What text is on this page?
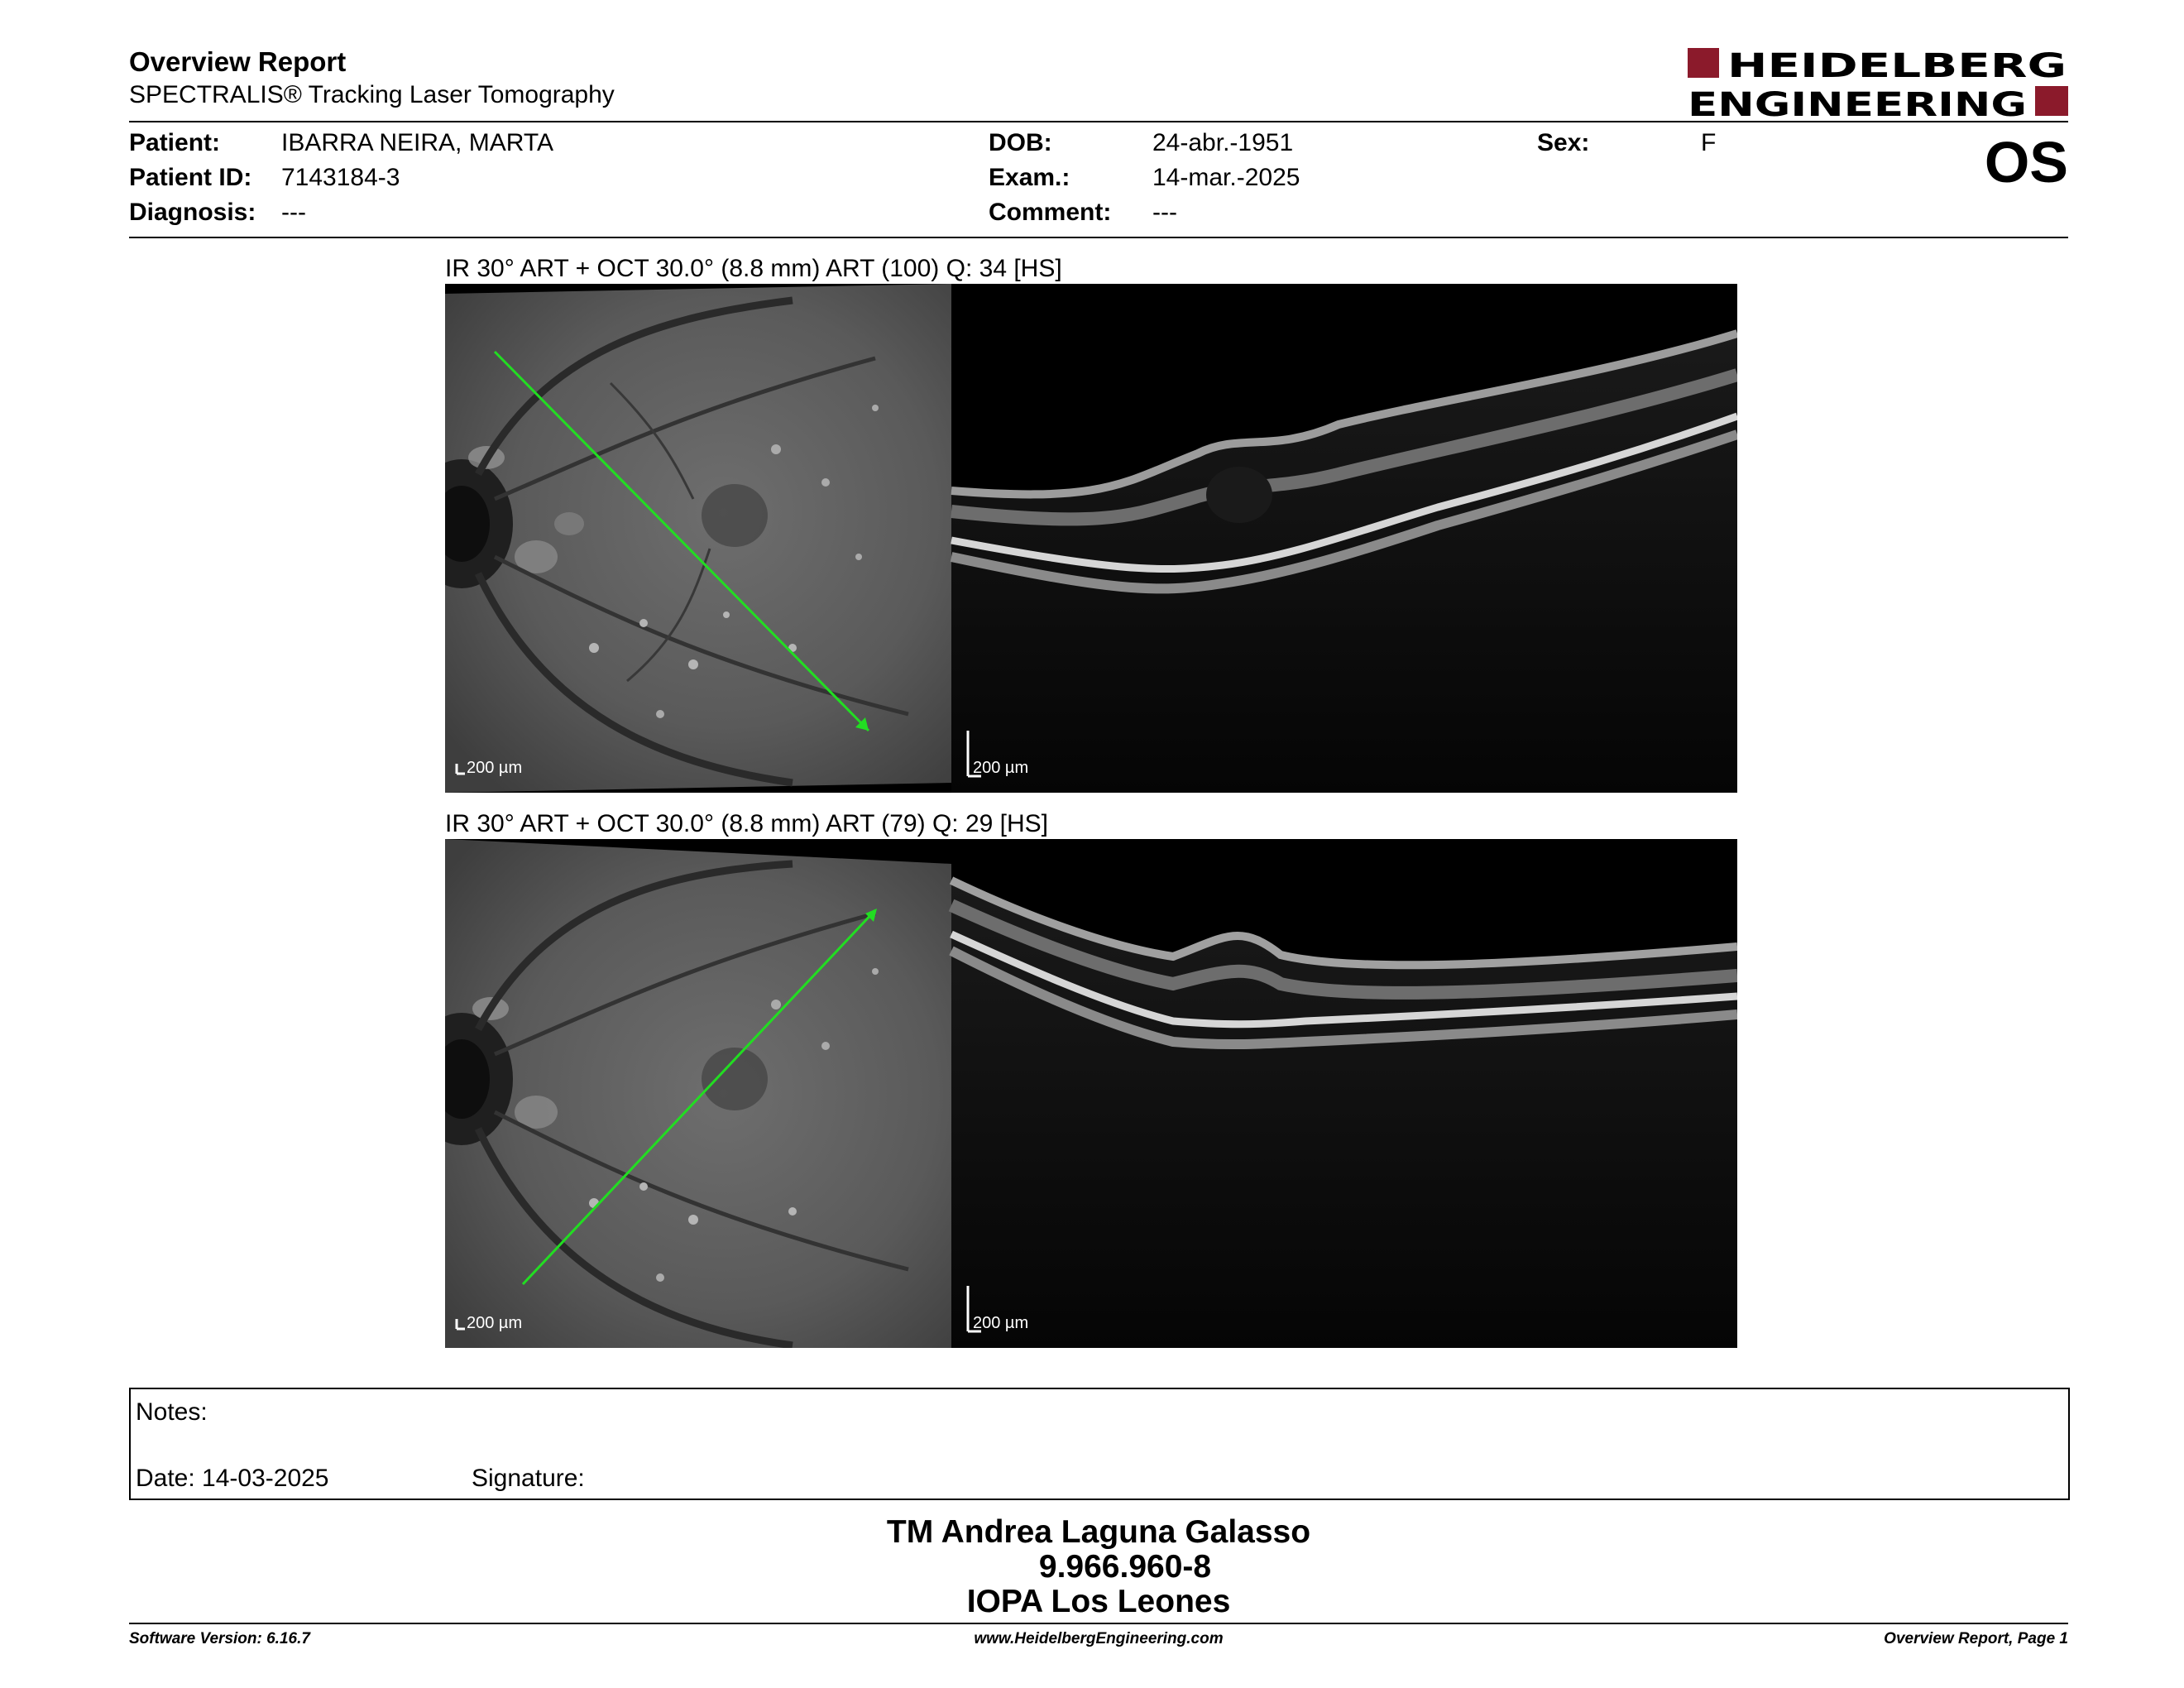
Overview Report
SPECTRALIS® Tracking Laser Tomography
HEIDELBERG
ENGINEERING
Patient: IBARRA NEIRA, MARTA
Patient ID: 7143184-3
Diagnosis: ---
DOB:	24-abr.-1951
Exam.:	14-mar.-2025
Comment: ---
Sex:	F	OS
IR 30° ART + OCT 30.0° (8.8 mm) ART (100) Q: 34 [HS]
200 µm	200 µm
IR 30° ART + OCT 30.0° (8.8 mm) ART (79) Q: 29 [HS]
200 µm	200 µm
Notes:
Date: 14-03-2025	Signature:
TM Andrea Laguna Galasso
9.966.960-8
IOPA Los Leones
Software Version: 6.16.7	www.HeidelbergEngineering.com	Overview Report, Page 1
